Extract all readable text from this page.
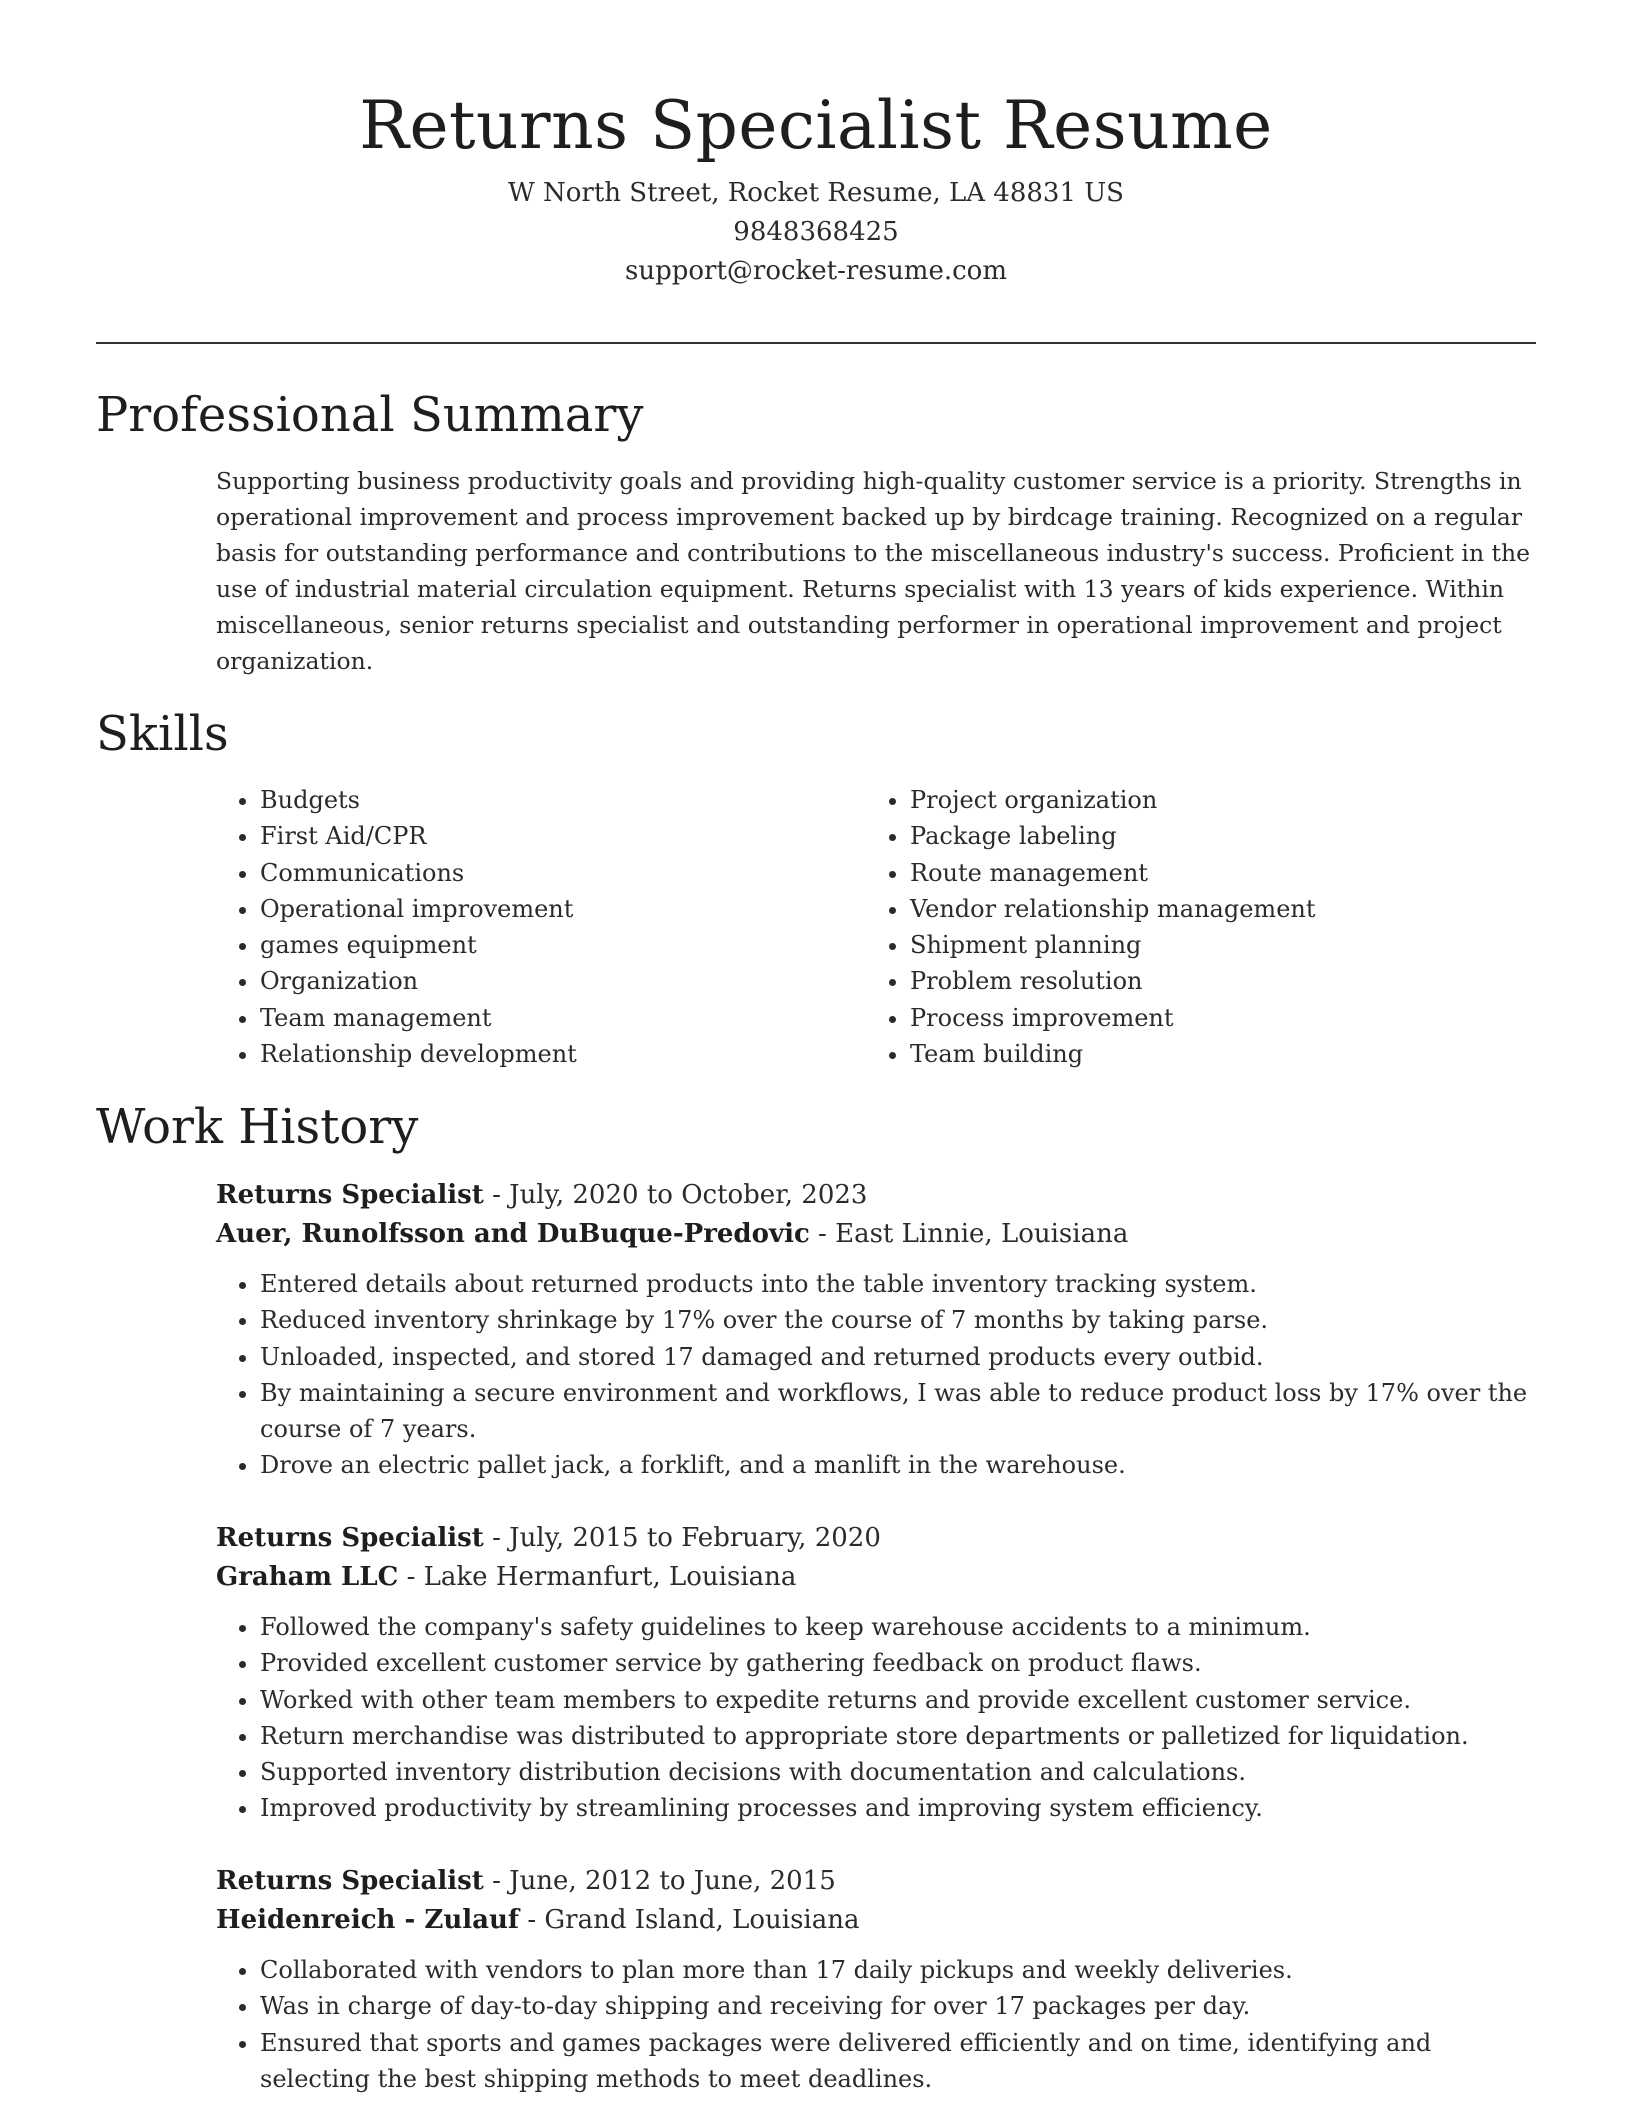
Returns Specialist Resume
W North Street, Rocket Resume, LA 48831 US
9848368425
support@rocket-resume.com
Professional Summary
Supporting business productivity goals and providing high-quality customer service is a priority. Strengths in operational improvement and process improvement backed up by birdcage training. Recognized on a regular basis for outstanding performance and contributions to the miscellaneous industry's success. Proficient in the use of industrial material circulation equipment. Returns specialist with 13 years of kids experience. Within miscellaneous, senior returns specialist and outstanding performer in operational improvement and project organization.
Skills
• Budgets
• First Aid/CPR
• Communications
• Operational improvement
• games equipment
• Organization
• Team management
• Relationship development
• Project organization
• Package labeling
• Route management
• Vendor relationship management
• Shipment planning
• Problem resolution
• Process improvement
• Team building
Work History
Returns Specialist - July, 2020 to October, 2023
Auer, Runolfsson and DuBuque-Predovic - East Linnie, Louisiana
• Entered details about returned products into the table inventory tracking system.
• Reduced inventory shrinkage by 17% over the course of 7 months by taking parse.
• Unloaded, inspected, and stored 17 damaged and returned products every outbid.
• By maintaining a secure environment and workflows, I was able to reduce product loss by 17% over the course of 7 years.
• Drove an electric pallet jack, a forklift, and a manlift in the warehouse.
Returns Specialist - July, 2015 to February, 2020
Graham LLC - Lake Hermanfurt, Louisiana
• Followed the company's safety guidelines to keep warehouse accidents to a minimum.
• Provided excellent customer service by gathering feedback on product flaws.
• Worked with other team members to expedite returns and provide excellent customer service.
• Return merchandise was distributed to appropriate store departments or palletized for liquidation.
• Supported inventory distribution decisions with documentation and calculations.
• Improved productivity by streamlining processes and improving system efficiency.
Returns Specialist - June, 2012 to June, 2015
Heidenreich - Zulauf - Grand Island, Louisiana
• Collaborated with vendors to plan more than 17 daily pickups and weekly deliveries.
• Was in charge of day-to-day shipping and receiving for over 17 packages per day.
• Ensured that sports and games packages were delivered efficiently and on time, identifying and selecting the best shipping methods to meet deadlines.
